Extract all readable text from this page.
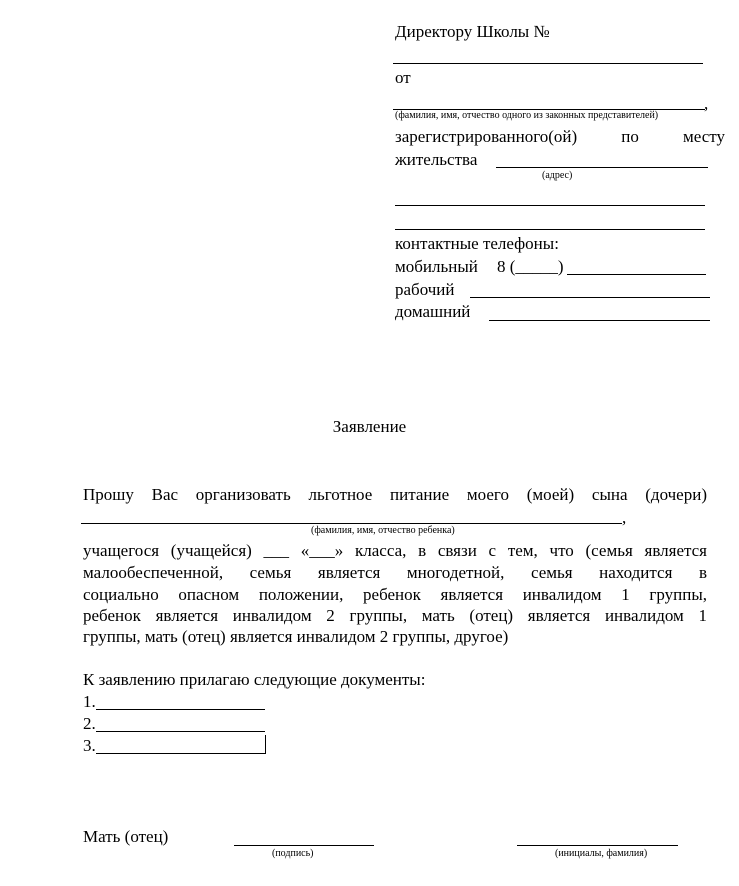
Директору Школы №
от
,
(фамилия, имя, отчество одного из законных представителей)
зарегистрированного(ой)	по	месту
жительства
(адрес)
контактные телефоны:
мобильный 8 (_____)
рабочий
домашний
Заявление
Прошу Вас организовать льготное питание моего (моей) сына (дочери)
,
(фамилия, имя, отчество ребенка)
учащегося (учащейся) ___ «___» класса, в связи с тем, что (семья является
малообеспеченной, семья является многодетной, семья находится в
социально опасном положении, ребенок является инвалидом 1 группы,
ребенок является инвалидом 2 группы, мать (отец) является инвалидом 1
группы, мать (отец) является инвалидом 2 группы, другое)
К заявлению прилагаю следующие документы:
1.
2.
3.
Мать (отец)
(подпись)	(инициалы, фамилия)
